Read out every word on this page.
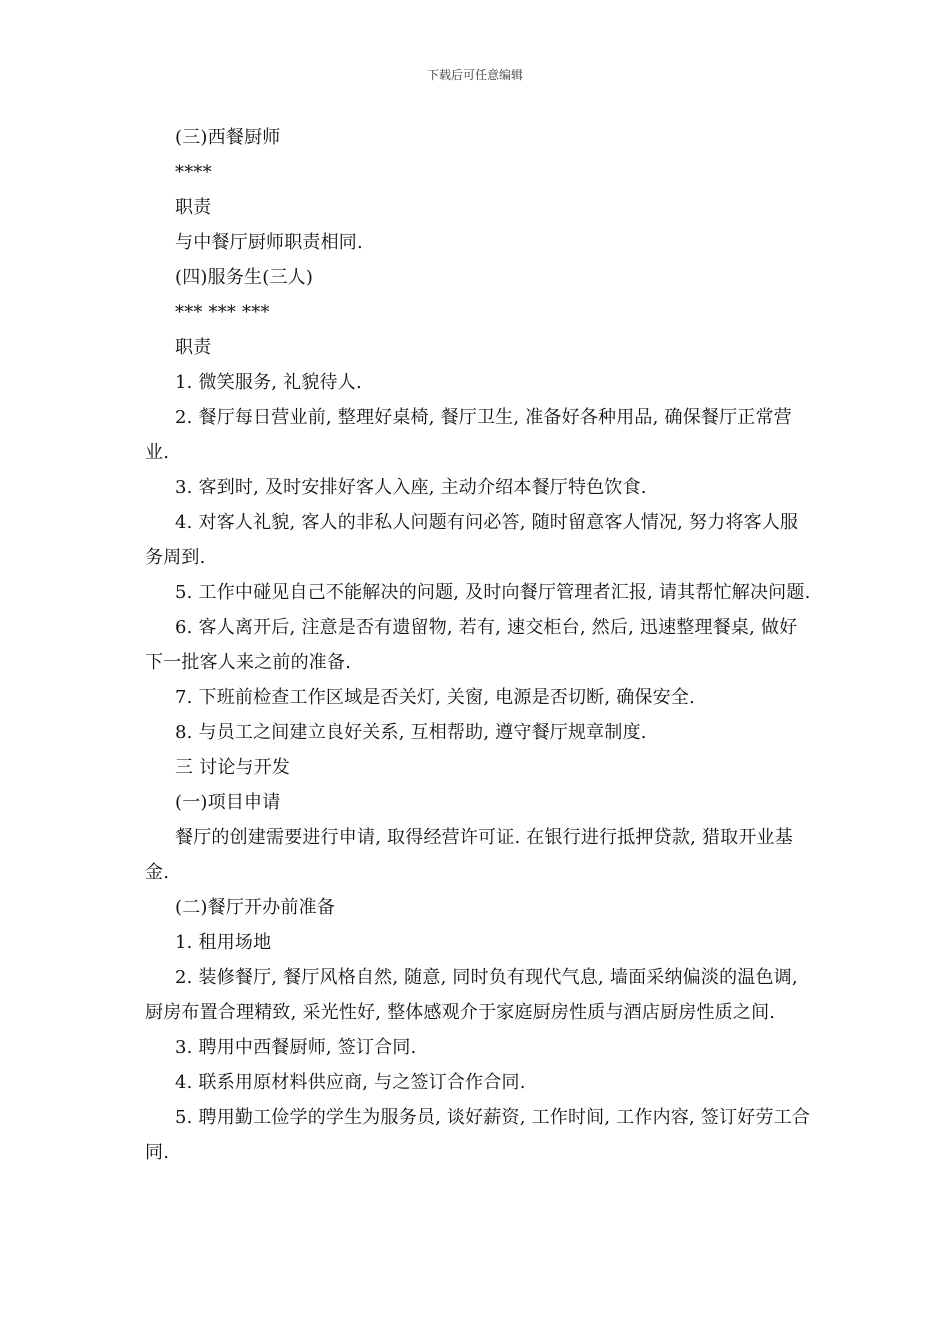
下载后可任意编辑

(三)西餐厨师

****

职责

与中餐厅厨师职责相同.

(四)服务生(三人)

*** *** ***

职责

1. 微笑服务, 礼貌待人.

2. 餐厅每日营业前, 整理好桌椅, 餐厅卫生, 准备好各种用品, 确保餐厅正常营业.

3. 客到时, 及时安排好客人入座, 主动介绍本餐厅特色饮食.

4. 对客人礼貌, 客人的非私人问题有问必答, 随时留意客人情况, 努力将客人服务周到.

5. 工作中碰见自己不能解决的问题, 及时向餐厅管理者汇报, 请其帮忙解决问题.

6. 客人离开后, 注意是否有遗留物, 若有, 速交柜台, 然后, 迅速整理餐桌, 做好下一批客人来之前的准备.

7. 下班前检查工作区域是否关灯, 关窗, 电源是否切断, 确保安全.

8. 与员工之间建立良好关系, 互相帮助, 遵守餐厅规章制度.

三 讨论与开发

(一)项目申请

餐厅的创建需要进行申请, 取得经营许可证. 在银行进行抵押贷款, 猎取开业基金.

(二)餐厅开办前准备

1. 租用场地

2. 装修餐厅, 餐厅风格自然, 随意, 同时负有现代气息, 墙面采纳偏淡的温色调, 厨房布置合理精致, 采光性好, 整体感观介于家庭厨房性质与酒店厨房性质之间.

3. 聘用中西餐厨师, 签订合同.

4. 联系用原材料供应商, 与之签订合作合同.

5. 聘用勤工俭学的学生为服务员, 谈好薪资, 工作时间, 工作内容, 签订好劳工合同.
